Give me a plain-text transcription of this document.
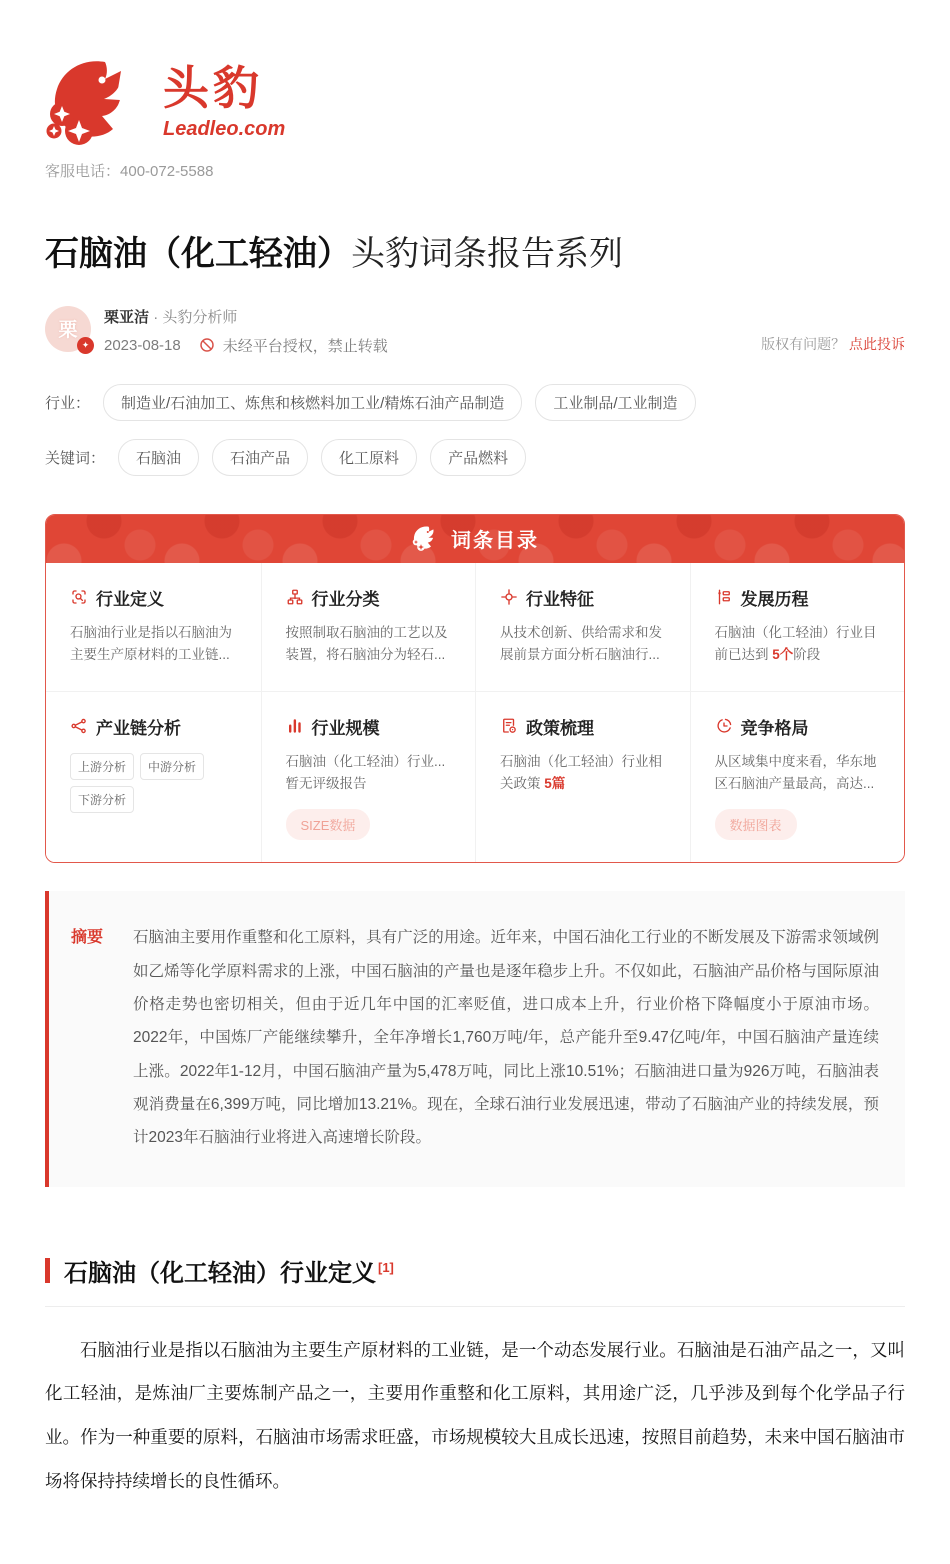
头豹
Leadleo.com
客服电话：400-072-5588
石脑油（化工轻油）头豹词条报告系列
栗
✦
栗亚洁 · 头豹分析师
2023-08-18	未经平台授权，禁止转载	版权有问题？ 点此投诉
行业：	制造业/石油加工、炼焦和核燃料加工业/精炼石油产品制造	工业制品/工业制造
关键词：	石脑油	石油产品	化工原料	产品燃料
词条目录
行业定义
石脑油行业是指以石脑油为主要生产原材料的工业链...
行业分类
按照制取石脑油的工艺以及装置，将石脑油分为轻石...
行业特征
从技术创新、供给需求和发展前景方面分析石脑油行...
发展历程
石脑油（化工轻油）行业目前已达到 5个阶段
产业链分析
上游分析	中游分析
下游分析
行业规模
石脑油（化工轻油）行业...
暂无评级报告
SIZE数据
政策梳理
石脑油（化工轻油）行业相关政策 5篇
竞争格局
从区域集中度来看，华东地区石脑油产量最高，高达...
数据图表
摘要	石脑油主要用作重整和化工原料，具有广泛的用途。近年来，中国石油化工行业的不断发展及下游需求领域例如乙烯等化学原料需求的上涨，中国石脑油的产量也是逐年稳步上升。不仅如此，石脑油产品价格与国际原油价格走势也密切相关，但由于近几年中国的汇率贬值，进口成本上升，行业价格下降幅度小于原油市场。2022年，中国炼厂产能继续攀升，全年净增长1,760万吨/年，总产能升至9.47亿吨/年，中国石脑油产量连续上涨。2022年1-12月，中国石脑油产量为5,478万吨，同比上涨10.51%；石脑油进口量为926万吨，石脑油表观消费量在6,399万吨，同比增加13.21%。现在，全球石油行业发展迅速，带动了石脑油产业的持续发展，预计2023年石脑油行业将进入高速增长阶段。
石脑油（化工轻油）行业定义 [1]

石脑油行业是指以石脑油为主要生产原材料的工业链，是一个动态发展行业。石脑油是石油产品之一，又叫化工轻油，是炼油厂主要炼制产品之一，主要用作重整和化工原料，其用途广泛，几乎涉及到每个化学品子行业。作为一种重要的原料，石脑油市场需求旺盛，市场规模较大且成长迅速，按照目前趋势，未来中国石脑油市场将保持持续增长的良性循环。
